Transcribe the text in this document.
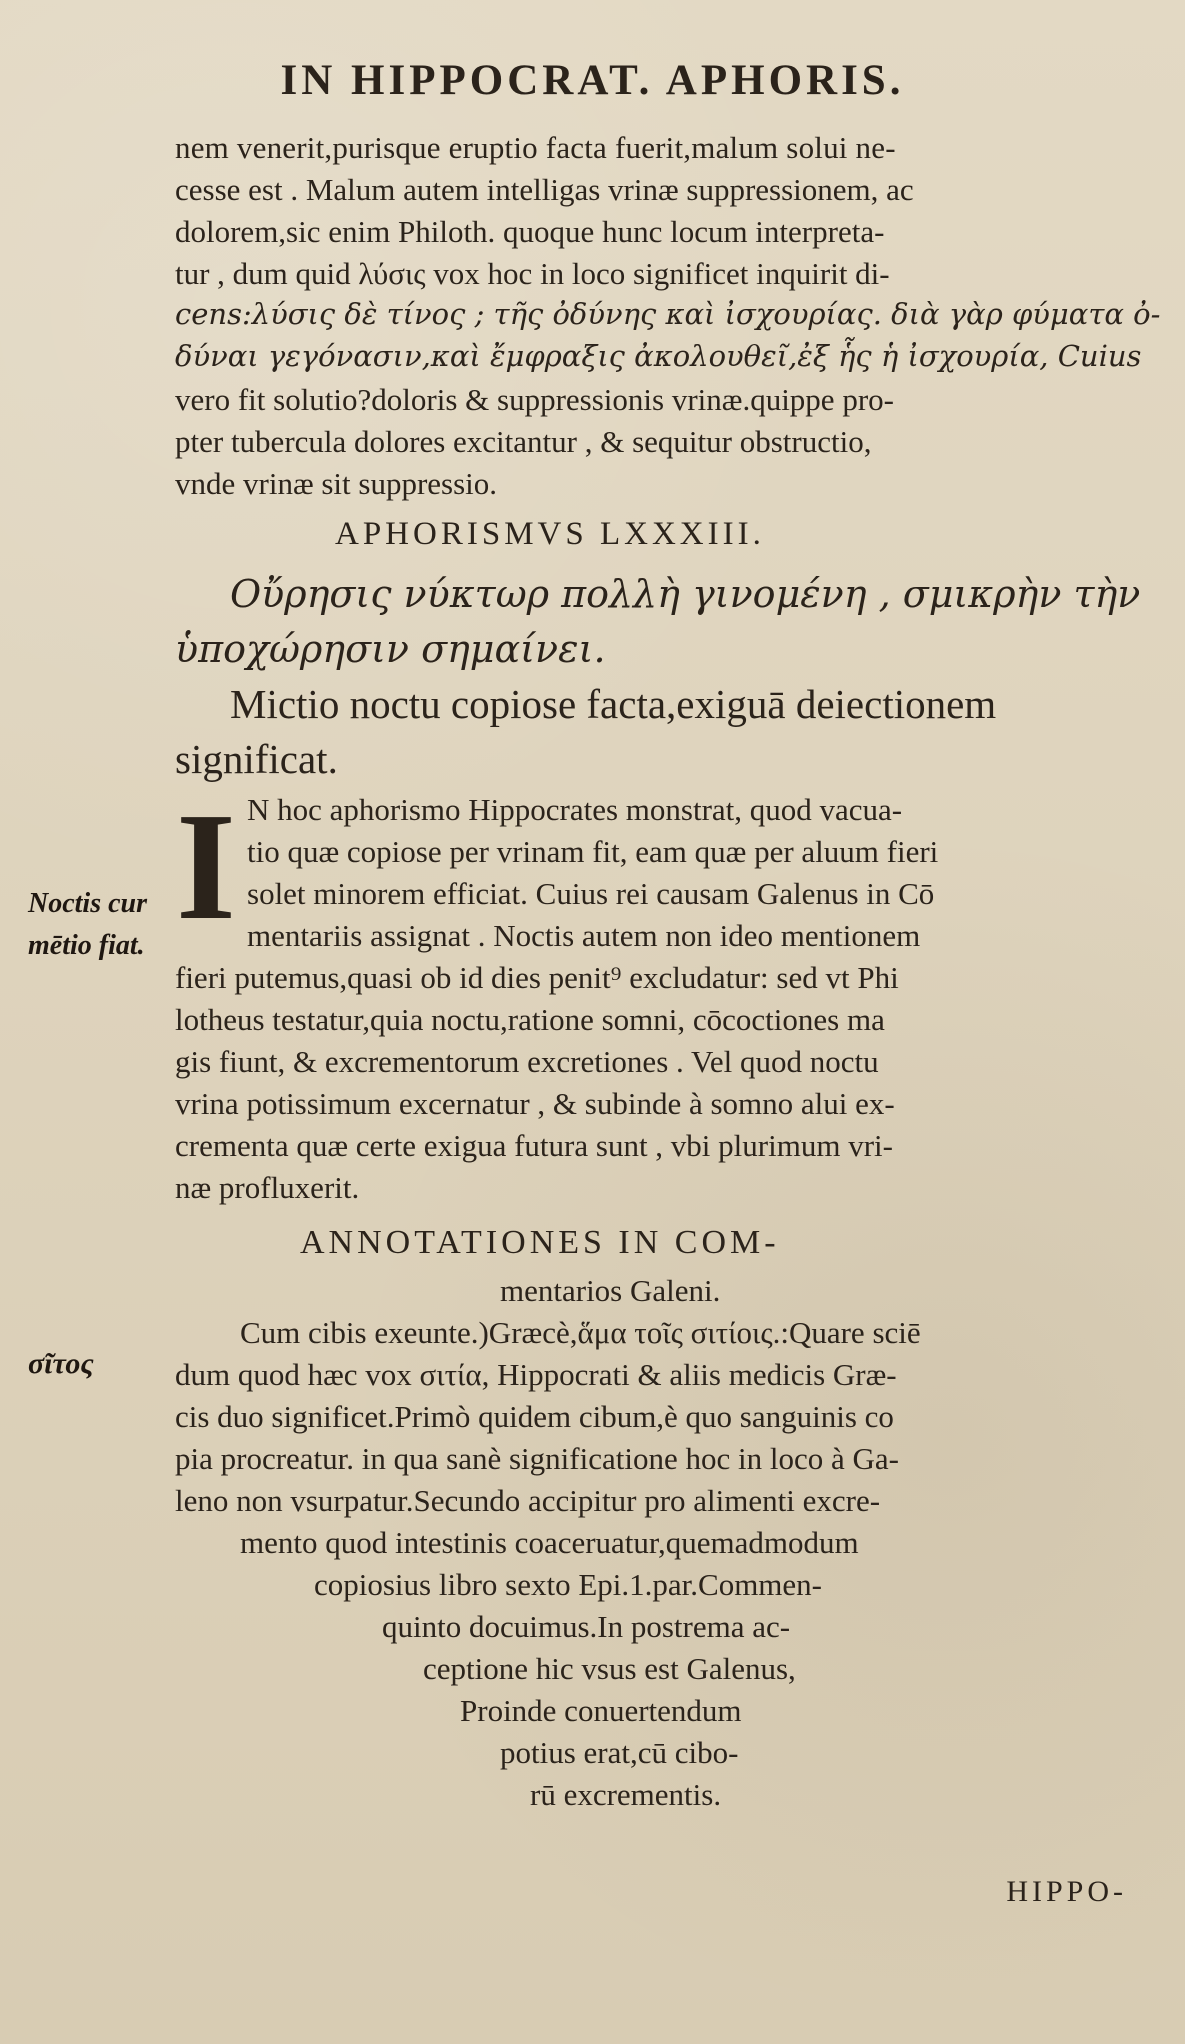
IN HIPPOCRAT. APHORIS.
nem venerit,purisque eruptio facta fuerit,malum solui ne-
cesse est . Malum autem intelligas vrinæ suppressionem, ac
dolorem,sic enim Philoth. quoque hunc locum interpreta-
tur , dum quid λύσις vox hoc in loco significet inquirit di-
cens:λύσις δὲ τίνος ; τῆς ὀδύνης καὶ ἰσχουρίας. διὰ γὰρ φύματα ὀ-
δύναι γεγόνασιν,καὶ ἔμφραξις ἀκολουθεῖ,ἐξ ἧς ἡ ἰσχουρία, Cuius
vero fit solutio?doloris & suppressionis vrinæ.quippe pro-
pter tubercula dolores excitantur , & sequitur obstructio,
vnde vrinæ sit suppressio.
APHORISMVS LXXXIII.
Οὔρησις νύκτωρ πολλὴ γινομένη , σμικρὴν τὴν
ὑποχώρησιν σημαίνει.
Mictio noctu copiose facta,exiguā deiectionem
significat.
I N hoc aphorismo Hippocrates monstrat, quod vacua-
tio quæ copiose per vrinam fit, eam quæ per aluum fieri
solet minorem efficiat. Cuius rei causam Galenus in Cō
mentariis assignat . Noctis autem non ideo mentionem
fieri putemus,quasi ob id dies penit⁹ excludatur: sed vt Phi
lotheus testatur,quia noctu,ratione somni, cōcoctiones ma
gis fiunt, & excrementorum excretiones . Vel quod noctu
vrina potissimum excernatur , & subinde à somno alui ex-
crementa quæ certe exigua futura sunt , vbi plurimum vri-
næ profluxerit.
Noctis cur
mētio fiat.
σῖτος
ANNOTATIONES IN COM-
mentarios Galeni.
Cum cibis exeunte.)Græcè,ἅμα τοῖς σιτίοις.:Quare sciē
dum quod hæc vox σιτία, Hippocrati & aliis medicis Græ-
cis duo significet.Primò quidem cibum,è quo sanguinis co
pia procreatur. in qua sanè significatione hoc in loco à Ga-
leno non vsurpatur.Secundo accipitur pro alimenti excre-
mento quod intestinis coaceruatur,quemadmodum
copiosius libro sexto Epi.1.par.Commen-
quinto docuimus.In postrema ac-
ceptione hic vsus est Galenus,
Proinde conuertendum
potius erat,cū cibo-
rū excrementis.
HIPPO-
